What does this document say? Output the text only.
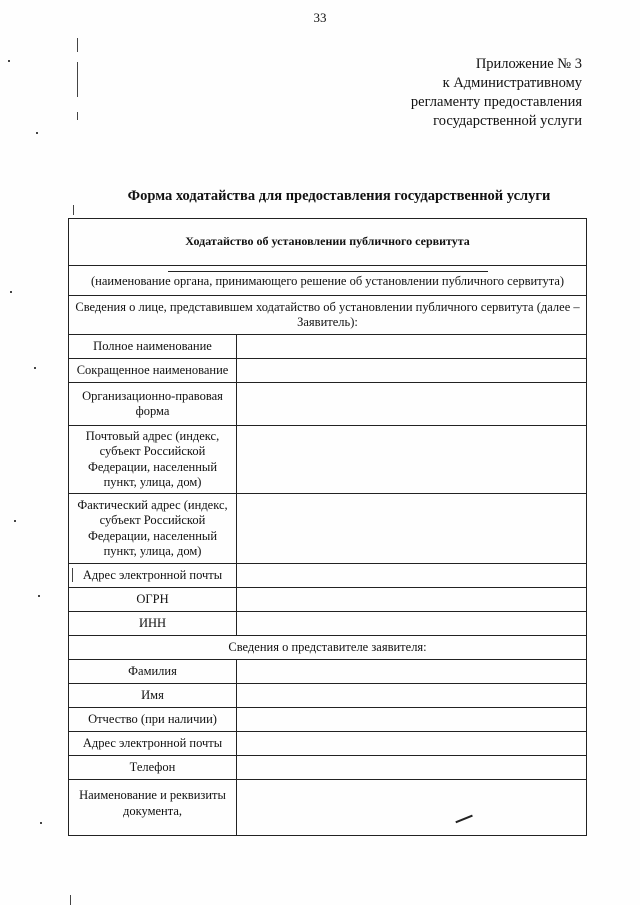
33
Приложение № 3
к Административному
регламенту предоставления
государственной услуги
Форма ходатайства для предоставления государственной услуги
Ходатайство об установлении публичного сервитута	

(наименование органа, принимающего решение об установлении публичного сервитута)	
Сведения о лице, представившем ходатайство об установлении публичного сервитута (далее – Заявитель):	
Полное наименование	
Сокращенное наименование	
Организационно-правовая форма	
Почтовый адрес (индекс, субъект Российской Федерации, населенный пункт, улица, дом)	
Фактический адрес (индекс, субъект Российской Федерации, населенный пункт, улица, дом)	
Адрес электронной почты	
ОГРН	
ИНН	
Сведения о представителе заявителя:	
Фамилия	
Имя	
Отчество (при наличии)	
Адрес электронной почты	
Телефон	
Наименование и реквизиты документа,	
